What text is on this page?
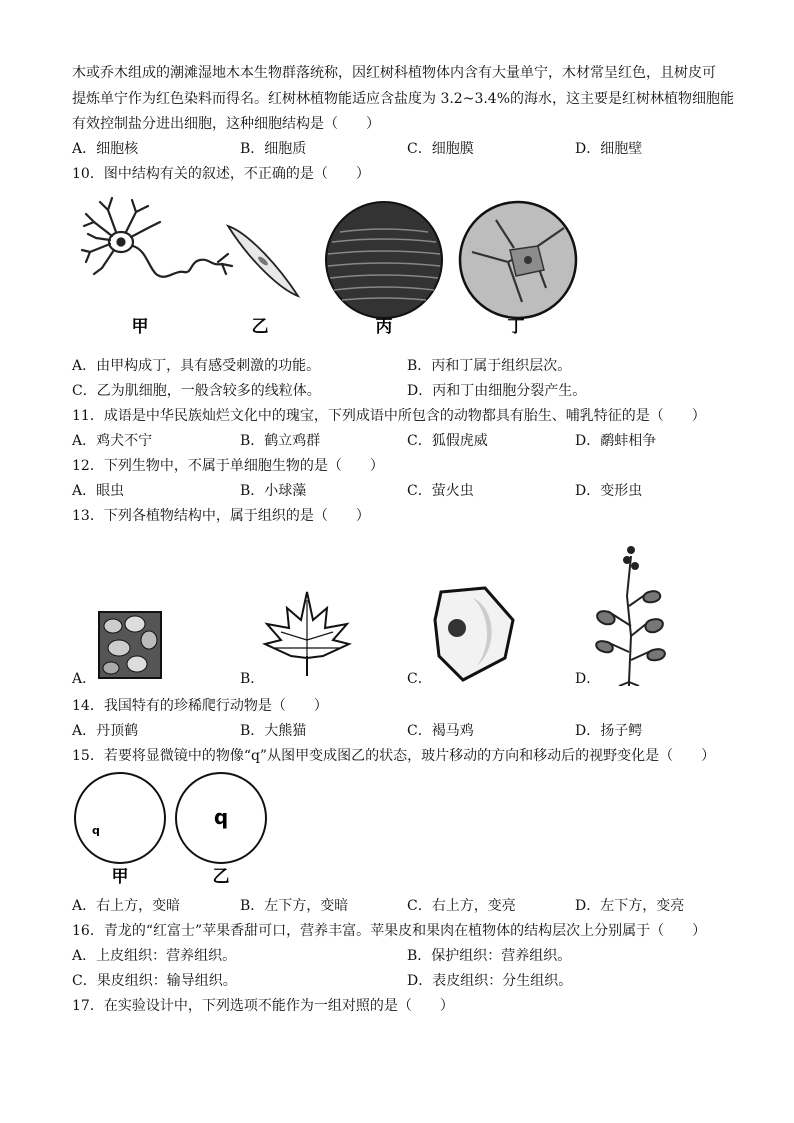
木或乔木组成的潮滩湿地木本生物群落统称，因红树科植物体内含有大量单宁，木材常呈红色，且树皮可
提炼单宁作为红色染料而得名。红树林植物能适应含盐度为 3.2~3.4%的海水，这主要是红树林植物细胞能
有效控制盐分进出细胞，这种细胞结构是（　　）
A．细胞核	B．细胞质	C．细胞膜	D．细胞壁
10．图中结构有关的叙述，不正确的是（　　）
甲	乙	丙	丁
A．由甲构成丁，具有感受刺激的功能。	B．丙和丁属于组织层次。
C．乙为肌细胞，一般含较多的线粒体。	D．丙和丁由细胞分裂产生。
11．成语是中华民族灿烂文化中的瑰宝，下列成语中所包含的动物都具有胎生、哺乳特征的是（　　）
A．鸡犬不宁	B．鹤立鸡群	C．狐假虎威	D．鹬蚌相争
12．下列生物中，不属于单细胞生物的是（　　）
A．眼虫	B．小球藻	C．萤火虫	D．变形虫
13．下列各植物结构中，属于组织的是（　　）
A．	B．	C．	D．
14．我国特有的珍稀爬行动物是（　　）
A．丹顶鹤	B．大熊猫	C．褐马鸡	D．扬子鳄
15．若要将显微镜中的物像“q”从图甲变成图乙的状态，玻片移动的方向和移动后的视野变化是（　　）
q
q
甲	乙
A．右上方，变暗	B．左下方，变暗	C．右上方，变亮	D．左下方，变亮
16．青龙的“红富士”苹果香甜可口，营养丰富。苹果皮和果肉在植物体的结构层次上分别属于（　　）
A．上皮组织：营养组织。	B．保护组织：营养组织。
C．果皮组织：输导组织。	D．表皮组织：分生组织。
17．在实验设计中，下列选项不能作为一组对照的是（　　）
